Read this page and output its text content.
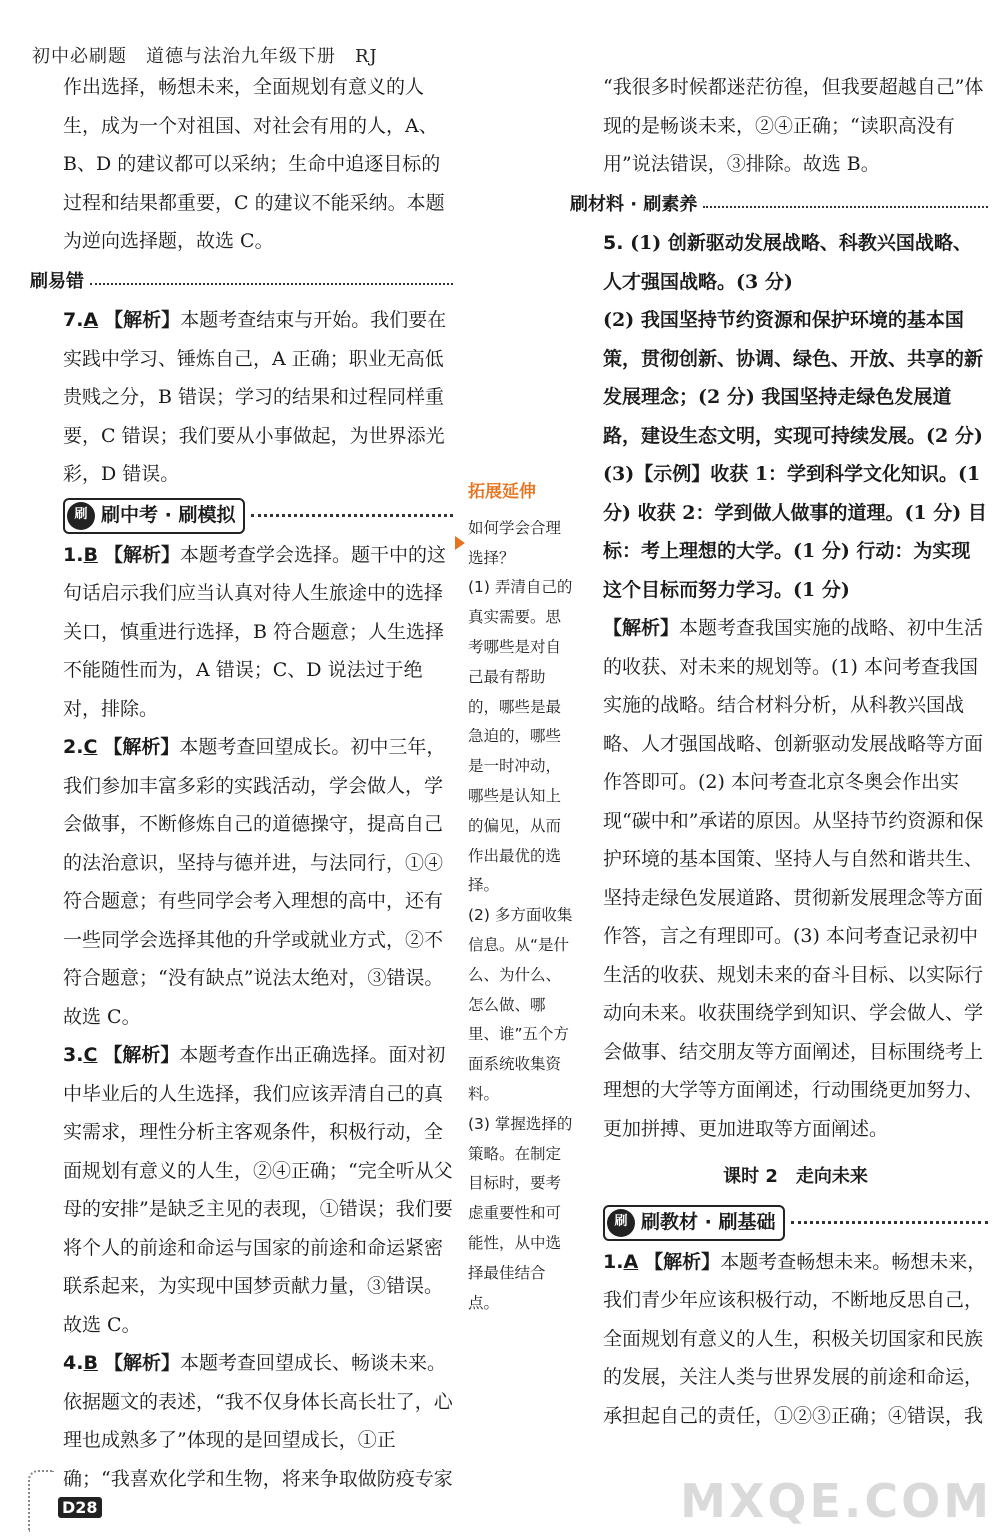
初中必刷题　道德与法治九年级下册　RJ

作出选择，畅想未来，全面规划有意义的人生，成为一个对祖国、对社会有用的人，A、B、D 的建议都可以采纳；生命中追逐目标的过程和结果都重要，C 的建议不能采纳。本题为逆向选择题，故选 C。

刷易错

7.A 【解析】本题考查结束与开始。我们要在实践中学习、锤炼自己，A 正确；职业无高低贵贱之分，B 错误；学习的结果和过程同样重要，C 错误；我们要从小事做起，为世界添光彩，D 错误。

刷 刷中考 · 刷模拟

1.B 【解析】本题考查学会选择。题干中的这句话启示我们应当认真对待人生旅途中的选择关口，慎重进行选择，B 符合题意；人生选择不能随性而为，A 错误；C、D 说法过于绝对，排除。

2.C 【解析】本题考查回望成长。初中三年，我们参加丰富多彩的实践活动，学会做人，学会做事，不断修炼自己的道德操守，提高自己的法治意识，坚持与德并进，与法同行，①④符合题意；有些同学会考入理想的高中，还有一些同学会选择其他的升学或就业方式，②不符合题意；“没有缺点”说法太绝对，③错误。故选 C。

3.C 【解析】本题考查作出正确选择。面对初中毕业后的人生选择，我们应该弄清自己的真实需求，理性分析主客观条件，积极行动，全面规划有意义的人生，②④正确；“完全听从父母的安排”是缺乏主见的表现，①错误；我们要将个人的前途和命运与国家的前途和命运紧密联系起来，为实现中国梦贡献力量，③错误。故选 C。

4.B 【解析】本题考查回望成长、畅谈未来。依据题文的表述，“我不仅身体长高长壮了，心理也成熟多了”体现的是回望成长，①正确；“我喜欢化学和生物，将来争取做防疫专家

拓展延伸

如何学会合理选择？

(1) 弄清自己的真实需要。思考哪些是对自己最有帮助的，哪些是最急迫的，哪些是一时冲动，哪些是认知上的偏见，从而作出最优的选择。

(2) 多方面收集信息。从“是什么、为什么、怎么做、哪里、谁”五个方面系统收集资料。

(3) 掌握选择的策略。在制定目标时，要考虑重要性和可能性，从中选择最佳结合点。

“我很多时候都迷茫彷徨，但我要超越自己”体现的是畅谈未来，②④正确；“读职高没有用”说法错误，③排除。故选 B。

刷材料 · 刷素养

5. (1) 创新驱动发展战略、科教兴国战略、人才强国战略。(3 分)

(2) 我国坚持节约资源和保护环境的基本国策，贯彻创新、协调、绿色、开放、共享的新发展理念；(2 分) 我国坚持走绿色发展道路，建设生态文明，实现可持续发展。(2 分)

(3)【示例】收获 1：学到科学文化知识。(1 分) 收获 2：学到做人做事的道理。(1 分) 目标：考上理想的大学。(1 分) 行动：为实现这个目标而努力学习。(1 分)

【解析】本题考查我国实施的战略、初中生活的收获、对未来的规划等。(1) 本问考查我国实施的战略。结合材料分析，从科教兴国战略、人才强国战略、创新驱动发展战略等方面作答即可。(2) 本问考查北京冬奥会作出实现“碳中和”承诺的原因。从坚持节约资源和保护环境的基本国策、坚持人与自然和谐共生、坚持走绿色发展道路、贯彻新发展理念等方面作答，言之有理即可。(3) 本问考查记录初中生活的收获、规划未来的奋斗目标、以实际行动向未来。收获围绕学到知识、学会做人、学会做事、结交朋友等方面阐述，目标围绕考上理想的大学等方面阐述，行动围绕更加努力、更加拼搏、更加进取等方面阐述。

课时 2　走向未来
刷 刷教材 · 刷基础

1.A 【解析】本题考查畅想未来。畅想未来，我们青少年应该积极行动，不断地反思自己，全面规划有意义的人生，积极关切国家和民族的发展，关注人类与世界发展的前途和命运，承担起自己的责任，①②③正确；④错误，我

D28	MXQE.COM
